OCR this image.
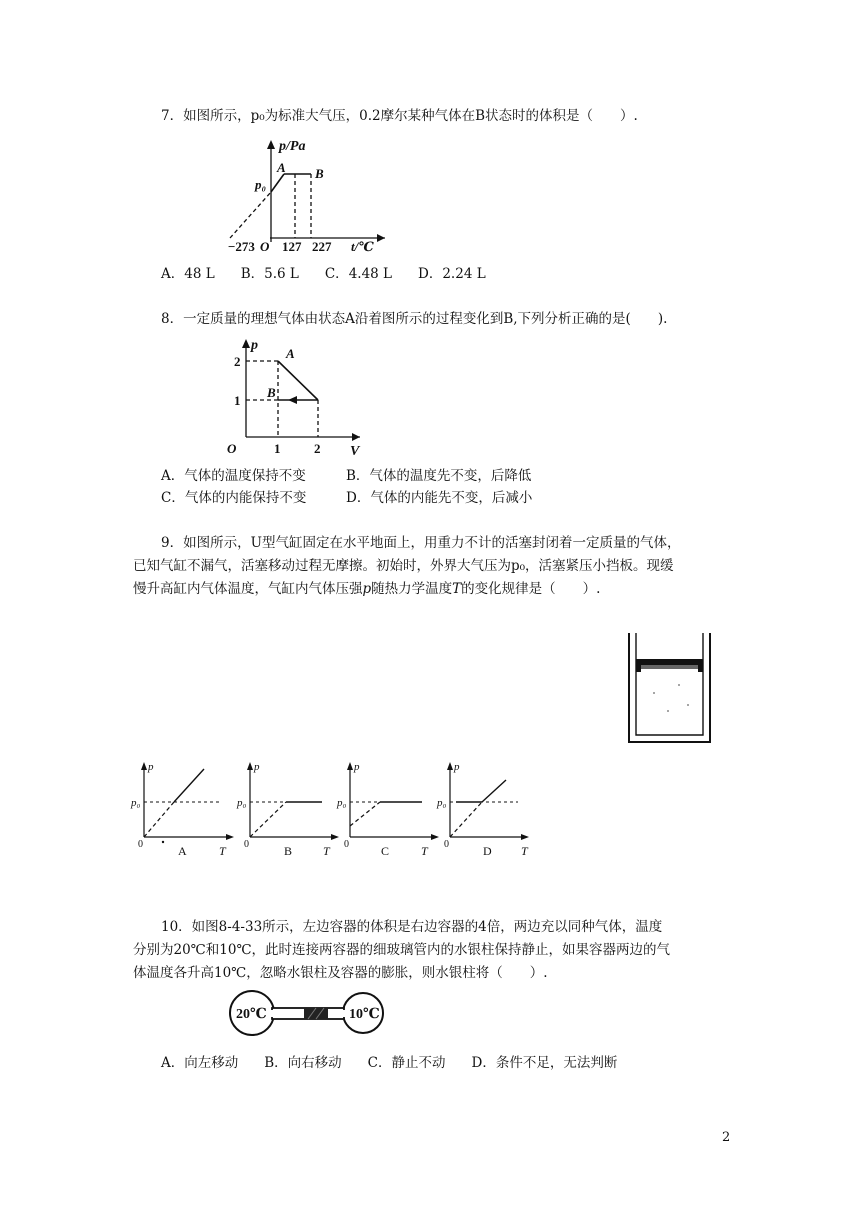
7．如图所示，p₀为标准大气压，0.2摩尔某种气体在B状态时的体积是（　　）.
p/Pa
p₀
A B
−273 O 127 227 t/℃
A．48 L B．5.6 L C．4.48 L D．2.24 L
8．一定质量的理想气体由状态A沿着图所示的过程变化到B,下列分析正确的是(　　).
p
2
1
A
B
O	1	2 V
A．气体的温度保持不变	B．气体的温度先不变，后降低
C．气体的内能保持不变	D．气体的内能先不变，后减小
9．如图所示，U型气缸固定在水平地面上，用重力不计的活塞封闭着一定质量的气体，
已知气缸不漏气，活塞移动过程无摩擦。初始时，外界大气压为p₀，活塞紧压小挡板。现缓
慢升高缸内气体温度，气缸内气体压强p随热力学温度T的变化规律是（　　）.
p
p₀
0	A	T
p
p₀
0	B	T
p
p₀
0	C	T
p
p₀
0	D T
10．如图8-4-33所示，左边容器的体积是右边容器的4倍，两边充以同种气体，温度
分别为20℃和10℃，此时连接两容器的细玻璃管内的水银柱保持静止，如果容器两边的气
体温度各升高10℃，忽略水银柱及容器的膨胀，则水银柱将（　　）.
20℃	10℃
A．向左移动 B．向右移动 C．静止不动 D．条件不足，无法判断
2
